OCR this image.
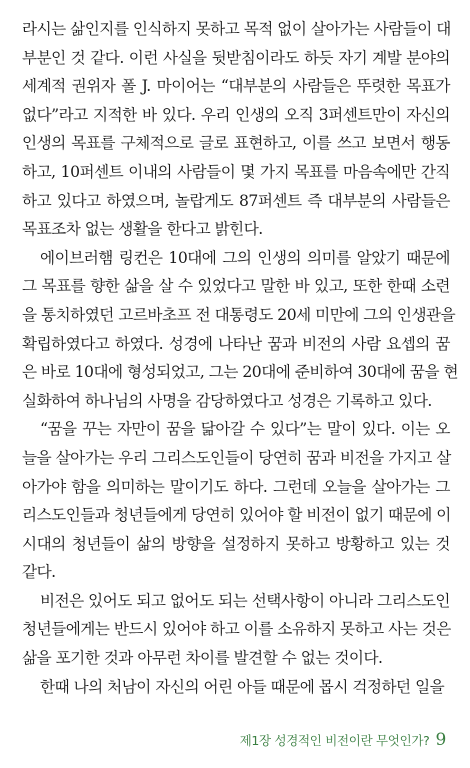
라시는 삶인지를 인식하지 못하고 목적 없이 살아가는 사람들이 대
부분인 것 같다. 이런 사실을 뒷받침이라도 하듯 자기 계발 분야의
세계적 권위자 폴 J. 마이어는 “대부분의 사람들은 뚜렷한 목표가
없다”라고 지적한 바 있다. 우리 인생의 오직 3퍼센트만이 자신의
인생의 목표를 구체적으로 글로 표현하고, 이를 쓰고 보면서 행동
하고, 10퍼센트 이내의 사람들이 몇 가지 목표를 마음속에만 간직
하고 있다고 하였으며, 놀랍게도 87퍼센트 즉 대부분의 사람들은
목표조차 없는 생활을 한다고 밝힌다.
에이브러햄 링컨은 10대에 그의 인생의 의미를 알았기 때문에
그 목표를 향한 삶을 살 수 있었다고 말한 바 있고, 또한 한때 소련
을 통치하였던 고르바초프 전 대통령도 20세 미만에 그의 인생관을
확립하였다고 하였다. 성경에 나타난 꿈과 비전의 사람 요셉의 꿈
은 바로 10대에 형성되었고, 그는 20대에 준비하여 30대에 꿈을 현
실화하여 하나님의 사명을 감당하였다고 성경은 기록하고 있다.
“꿈을 꾸는 자만이 꿈을 닮아갈 수 있다”는 말이 있다. 이는 오
늘을 살아가는 우리 그리스도인들이 당연히 꿈과 비전을 가지고 살
아가야 함을 의미하는 말이기도 하다. 그런데 오늘을 살아가는 그
리스도인들과 청년들에게 당연히 있어야 할 비전이 없기 때문에 이
시대의 청년들이 삶의 방향을 설정하지 못하고 방황하고 있는 것
같다.
비전은 있어도 되고 없어도 되는 선택사항이 아니라 그리스도인
청년들에게는 반드시 있어야 하고 이를 소유하지 못하고 사는 것은
삶을 포기한 것과 아무런 차이를 발견할 수 없는 것이다.
한때 나의 처남이 자신의 어린 아들 때문에 몹시 걱정하던 일을
제1장 성경적인 비전이란 무엇인가? 9
